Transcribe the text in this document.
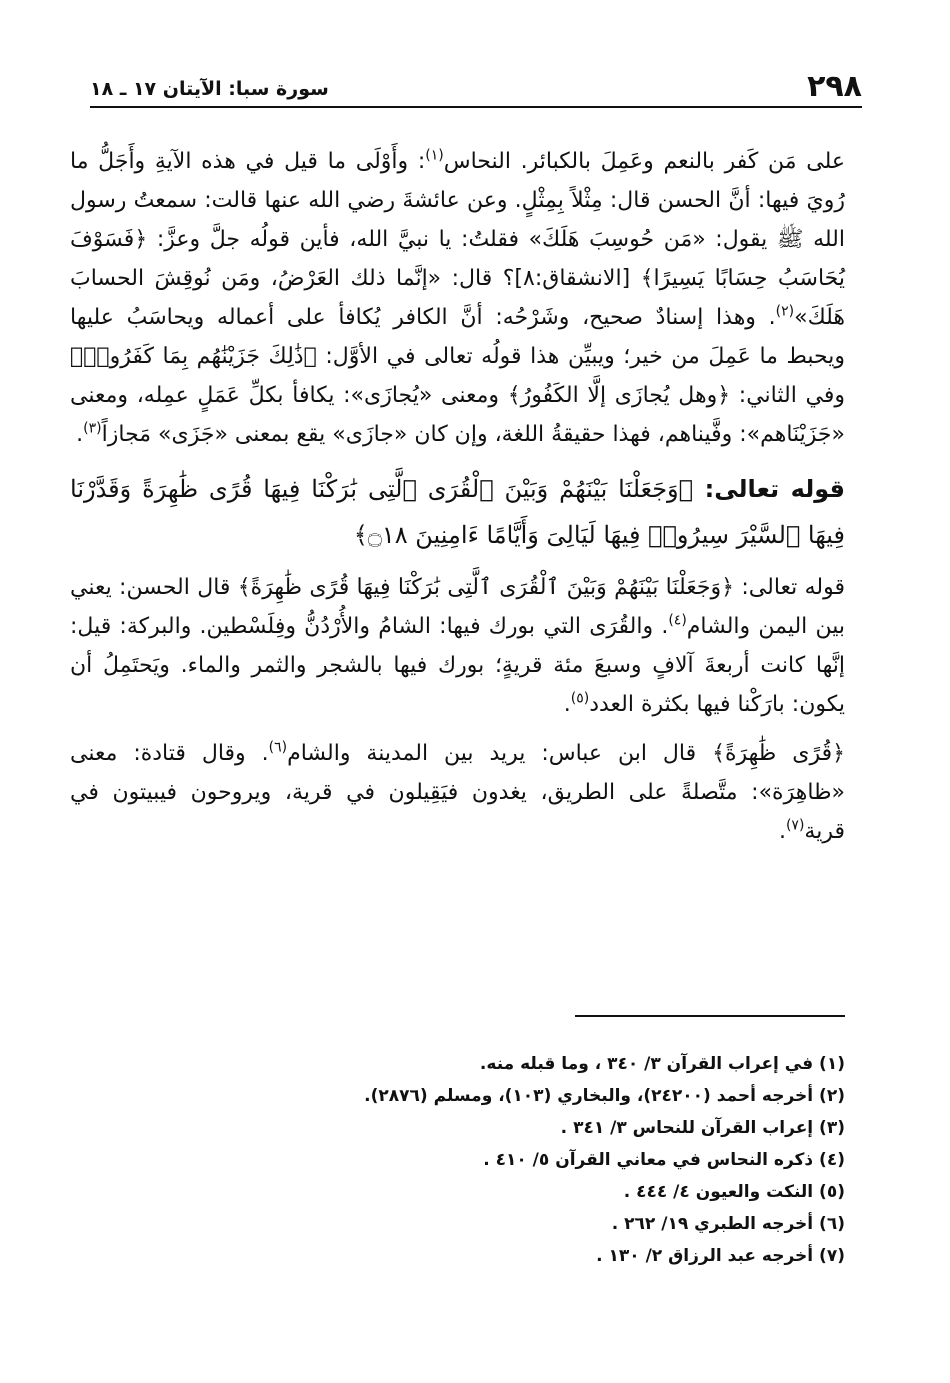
٢٩٨
سورة سبا: الآيتان ١٧ ـ ١٨

على مَن كَفر بالنعم وعَمِلَ بالكبائر. النحاس$^{(١)}$: وأَوْلَى ما قيل في هذه الآيةِ وأَجَلُّ ما رُويَ فيها: أنَّ الحسن قال: مِثْلاً بِمِثْلٍ. وعن عائشةَ رضي الله عنها قالت: سمعتُ رسول الله ﷺ يقول: «مَن حُوسِبَ هَلَكَ» فقلتُ: يا نبيَّ الله، فأين قولُه جلَّ وعزَّ: ﴿فَسَوْفَ يُحَاسَبُ حِسَابًا يَسِيرًا﴾ [الانشقاق:٨]؟ قال: «إنَّما ذلك العَرْضُ، ومَن نُوقِشَ الحسابَ هَلَكَ»$^{(٢)}$. وهذا إسنادٌ صحيح، وشَرْحُه: أنَّ الكافر يُكافأ على أعماله ويحاسَبُ عليها ويحبط ما عَمِلَ من خير؛ ويبيِّن هذا قولُه تعالى في الأوَّل: ﴿ذَٰلِكَ جَزَيْنَٰهُم بِمَا كَفَرُوا۟﴾ وفي الثاني: ﴿وهل يُجازَى إلَّا الكَفُورُ﴾ ومعنى «يُجازَى»: يكافأ بكلِّ عَمَلٍ عمِله، ومعنى «جَزَيْنَاهم»: وفَّيناهم، فهذا حقيقةُ اللغة، وإن كان «جازَى» يقع بمعنى «جَزَى» مَجازاً$^{(٣)}$.

قوله تعالى: ﴿وَجَعَلْنَا بَيْنَهُمْ وَبَيْنَ ٱلْقُرَى ٱلَّتِى بَٰرَكْنَا فِيهَا قُرًى ظَٰهِرَةً وَقَدَّرْنَا فِيهَا ٱلسَّيْرَ سِيرُوا۟ فِيهَا لَيَالِىَ وَأَيَّامًا ءَامِنِينَ ۝١٨﴾

قوله تعالى: ﴿وَجَعَلْنَا بَيْنَهُمْ وَبَيْنَ ٱلْقُرَى ٱلَّتِى بَٰرَكْنَا فِيهَا قُرًى ظَٰهِرَةً﴾ قال الحسن: يعني بين اليمن والشام$^{(٤)}$. والقُرَى التي بورك فيها: الشامُ والأُرْدُنُّ وفِلَسْطين. والبركة: قيل: إنَّها كانت أربعةَ آلافٍ وسبعَ مئة قريةٍ؛ بورك فيها بالشجر والثمر والماء. ويَحتَمِلُ أن يكون: بارَكْنا فيها بكثرة العدد$^{(٥)}$.

﴿قُرًى ظَٰهِرَةً﴾ قال ابن عباس: يريد بين المدينة والشام$^{(٦)}$. وقال قتادة: معنى «ظاهِرَة»: متَّصلةً على الطريق، يغدون فيَقِيلون في قرية، ويروحون فيبيتون في قرية$^{(٧)}$.

(١) في إعراب القرآن ٣/ ٣٤٠ ، وما قبله منه.
(٢) أخرجه أحمد (٢٤٢٠٠)، والبخاري (١٠٣)، ومسلم (٢٨٧٦).
(٣) إعراب القرآن للنحاس ٣/ ٣٤١ .
(٤) ذكره النحاس في معاني القرآن ٥/ ٤١٠ .
(٥) النكت والعيون ٤/ ٤٤٤ .
(٦) أخرجه الطبري ١٩/ ٢٦٢ .
(٧) أخرجه عبد الرزاق ٢/ ١٣٠ .
